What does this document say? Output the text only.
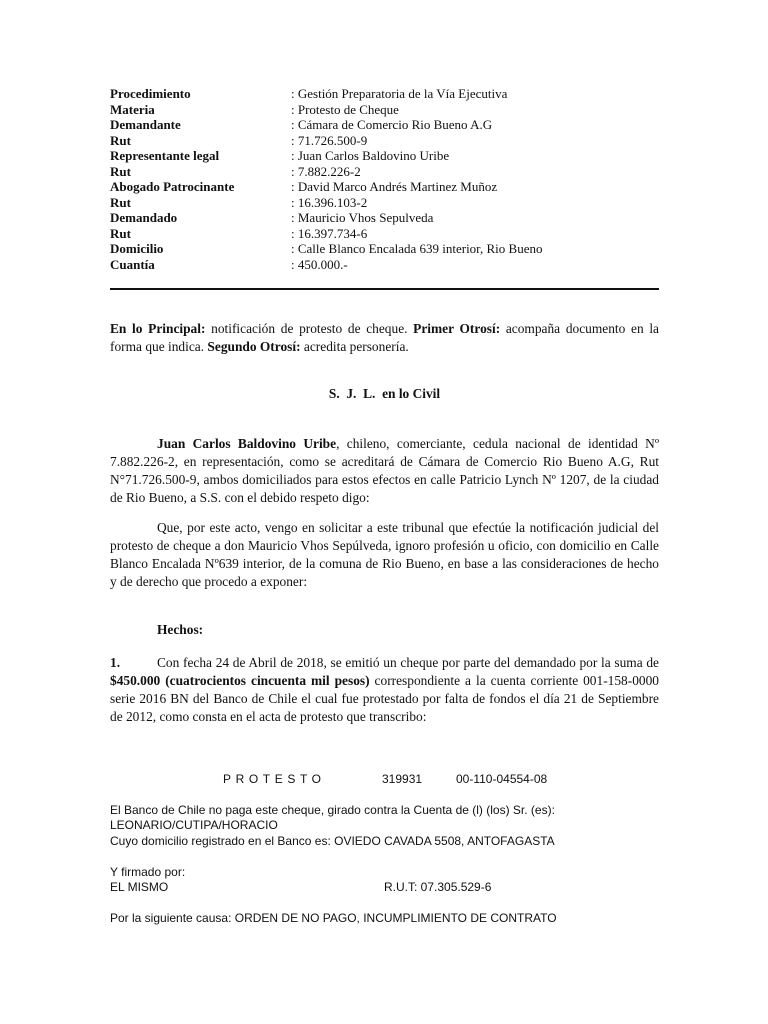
Procedimiento	: Gestión Preparatoria de la Vía Ejecutiva
Materia	: Protesto de Cheque
Demandante	: Cámara de Comercio Rio Bueno A.G
Rut	: 71.726.500-9
Representante legal	: Juan Carlos Baldovino Uribe
Rut	: 7.882.226-2
Abogado Patrocinante	: David Marco Andrés Martinez Muñoz
Rut	: 16.396.103-2
Demandado	: Mauricio Vhos Sepulveda
Rut	: 16.397.734-6
Domicilio	: Calle Blanco Encalada 639 interior, Rio Bueno
Cuantía	: 450.000.-
En lo Principal: notificación de protesto de cheque. Primer Otrosí: acompaña documento en la forma que indica. Segundo Otrosí: acredita personería.
S.  J.  L.  en lo Civil
Juan Carlos Baldovino Uribe, chileno, comerciante, cedula nacional de identidad Nº 7.882.226-2, en representación, como se acreditará de Cámara de Comercio Rio Bueno A.G, Rut N°71.726.500-9, ambos domiciliados para estos efectos en calle Patricio Lynch Nº 1207, de la ciudad de Rio Bueno, a S.S. con el debido respeto digo:
Que, por este acto, vengo en solicitar a este tribunal que efectúe la notificación judicial del protesto de cheque a don Mauricio Vhos Sepúlveda, ignoro profesión u oficio, con domicilio en Calle Blanco Encalada Nº639 interior, de la comuna de Rio Bueno, en base a las consideraciones de hecho y de derecho que procedo a exponer:
Hechos:
1.	Con fecha 24 de Abril de 2018, se emitió un cheque por parte del demandado por la suma de $450.000 (cuatrocientos cincuenta mil pesos) correspondiente a la cuenta corriente 001-158-0000 serie 2016 BN del Banco de Chile el cual fue protestado por falta de fondos el día 21 de Septiembre de 2012, como consta en el acta de protesto que transcribo:
PROTESTO	319931	00-110-04554-08
El Banco de Chile no paga este cheque, girado contra la Cuenta de (l) (los) Sr. (es):
LEONARIO/CUTIPA/HORACIO
Cuyo domicilio registrado en el Banco es: OVIEDO CAVADA 5508, ANTOFAGASTA
Y firmado por:
EL MISMO	R.U.T: 07.305.529-6
Por la siguiente causa: ORDEN DE NO PAGO, INCUMPLIMIENTO DE CONTRATO
